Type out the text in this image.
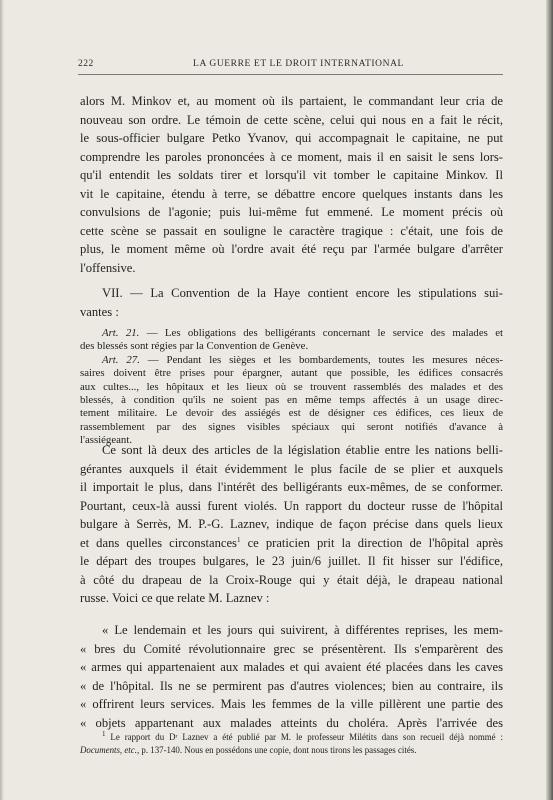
222	LA GUERRE ET LE DROIT INTERNATIONAL

alors M. Minkov et, au moment où ils partaient, le commandant leur cria de

nouveau son ordre. Le témoin de cette scène, celui qui nous en a fait le récit,

le sous-officier bulgare Petko Yvanov, qui accompagnait le capitaine, ne put

comprendre les paroles prononcées à ce moment, mais il en saisit le sens lors-

qu'il entendit les soldats tirer et lorsqu'il vit tomber le capitaine Minkov. Il

vit le capitaine, étendu à terre, se débattre encore quelques instants dans les

convulsions de l'agonie; puis lui-même fut emmené. Le moment précis où

cette scène se passait en souligne le caractère tragique : c'était, une fois de

plus, le moment même où l'ordre avait été reçu par l'armée bulgare d'arrêter

l'offensive.

VII. — La Convention de la Haye contient encore les stipulations sui-

vantes :

Art. 21. — Les obligations des belligérants concernant le service des malades et

des blessés sont régies par la Convention de Genève.

Art. 27. — Pendant les sièges et les bombardements, toutes les mesures néces-

saires doivent être prises pour épargner, autant que possible, les édifices consacrés

aux cultes..., les hôpitaux et les lieux où se trouvent rassemblés des malades et des

blessés, à condition qu'ils ne soient pas en même temps affectés à un usage direc-

tement militaire. Le devoir des assiégés est de désigner ces édifices, ces lieux de

rassemblement par des signes visibles spéciaux qui seront notifiés d'avance à

l'assiégeant.

Ce sont là deux des articles de la législation établie entre les nations belli-

gérantes auxquels il était évidemment le plus facile de se plier et auxquels

il importait le plus, dans l'intérêt des belligérants eux-mêmes, de se conformer.

Pourtant, ceux-là aussi furent violés. Un rapport du docteur russe de l'hôpital

bulgare à Serrès, M. P.-G. Laznev, indique de façon précise dans quels lieux

et dans quelles circonstances$^1$ ce praticien prit la direction de l'hôpital après

le départ des troupes bulgares, le 23 juin/6 juillet. Il fit hisser sur l'édifice,

à côté du drapeau de la Croix-Rouge qui y était déjà, le drapeau national

russe. Voici ce que relate M. Laznev :

« Le lendemain et les jours qui suivirent, à différentes reprises, les mem-

« bres du Comité révolutionnaire grec se présentèrent. Ils s'emparèrent des

« armes qui appartenaient aux malades et qui avaient été placées dans les caves

« de l'hôpital. Ils ne se permirent pas d'autres violences; bien au contraire, ils

« offrirent leurs services. Mais les femmes de la ville pillèrent une partie des

« objets appartenant aux malades atteints du choléra. Après l'arrivée des

$^1$ Le rapport du Dʳ Laznev a été publié par M. le professeur Milétits dans son recueil déjà nommé :

Documents, etc., p. 137-140. Nous en possédons une copie, dont nous tirons les passages cités.
